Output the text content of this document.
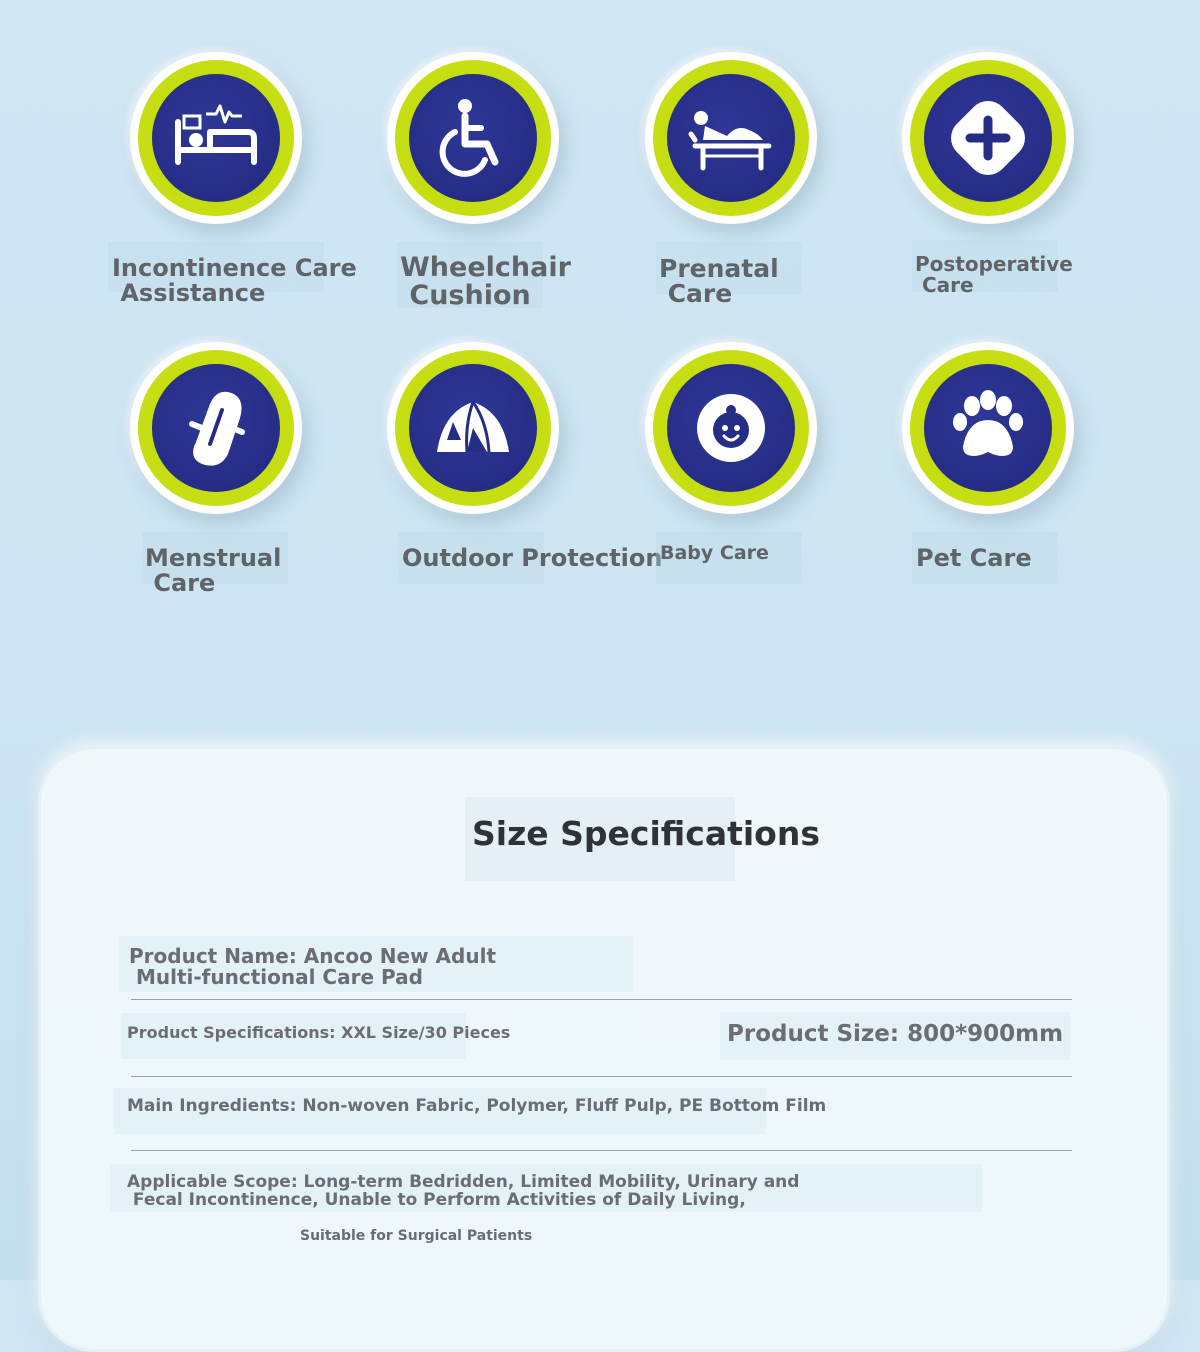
Incontinence Care
Assistance
Wheelchair
Cushion
Prenatal
Care
Postoperative
Care
Menstrual
Care
Outdoor Protection
Baby Care	Pet Care
Size Specifications
Product Name: Ancoo New Adult
Multi-functional Care Pad
Product Specifications: XXL Size/30 Pieces	Product Size: 800*900mm
Main Ingredients: Non-woven Fabric, Polymer, Fluff Pulp, PE Bottom Film
Applicable Scope: Long-term Bedridden, Limited Mobility, Urinary and
Fecal Incontinence, Unable to Perform Activities of Daily Living,
Suitable for Surgical Patients
